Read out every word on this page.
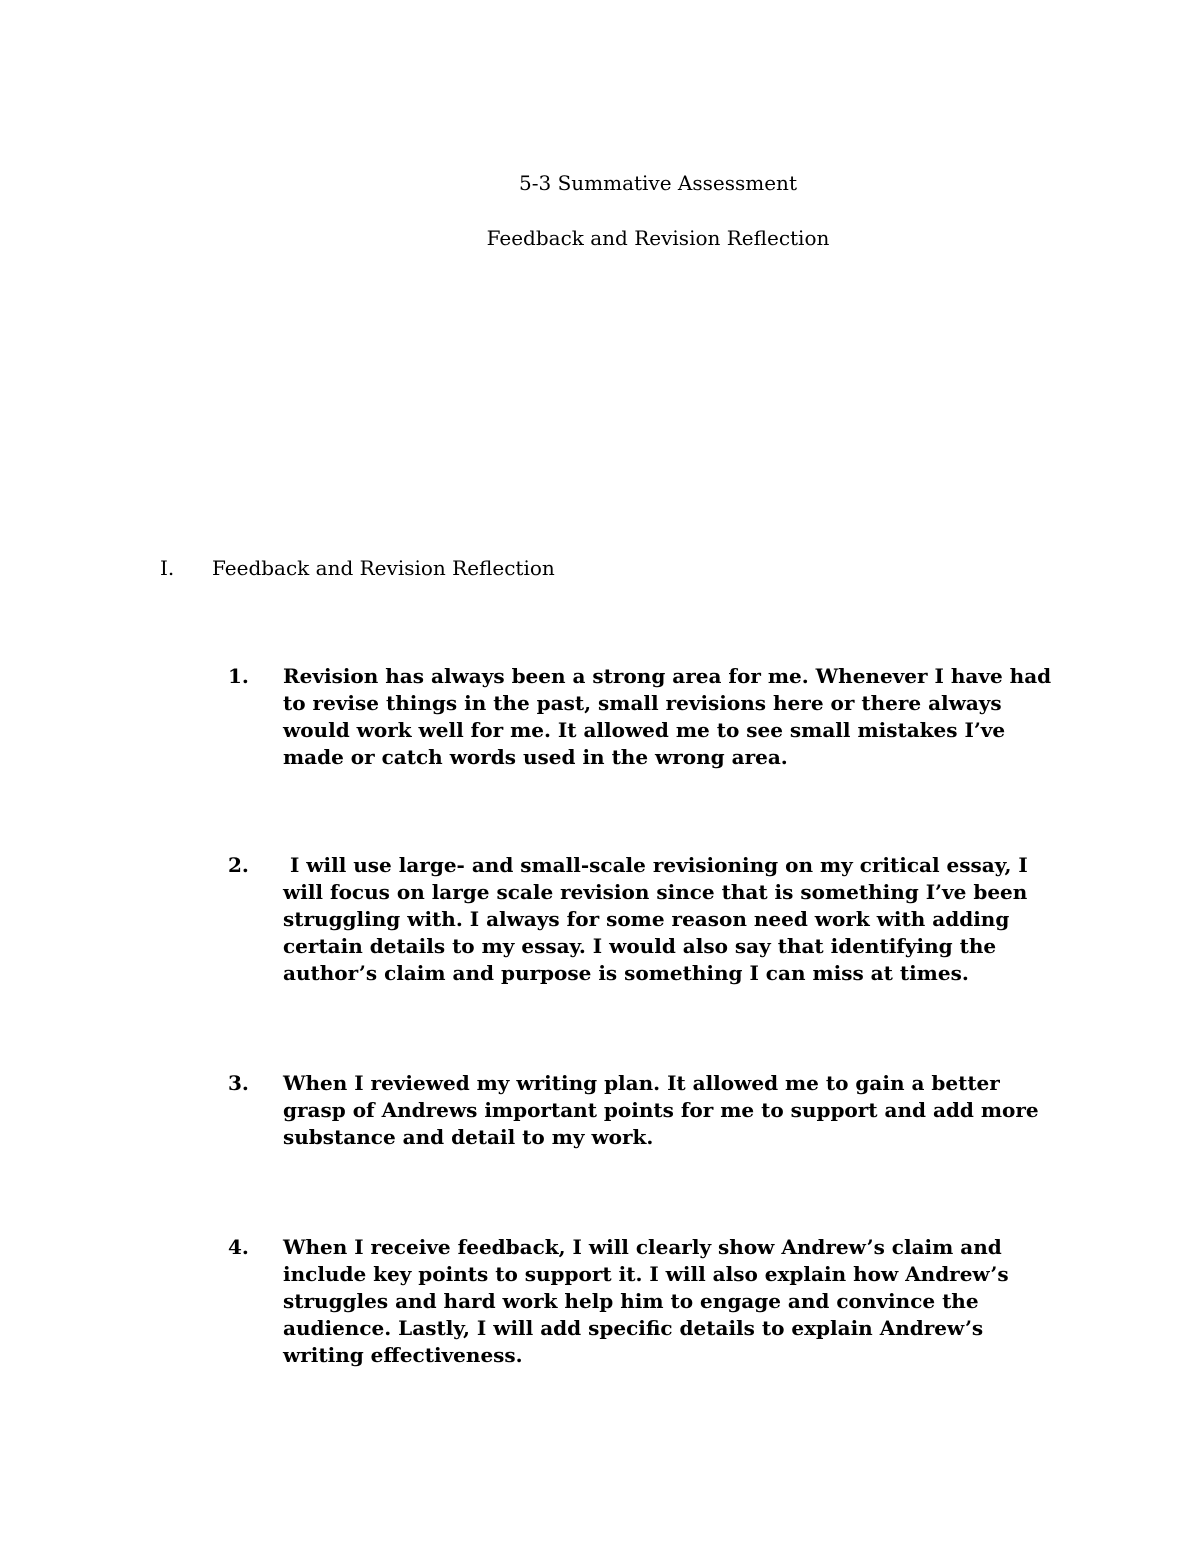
5-3 Summative Assessment
Feedback and Revision Reflection
I. Feedback and Revision Reflection
1. Revision has always been a strong area for me. Whenever I have had to revise things in the past, small revisions here or there always would work well for me. It allowed me to see small mistakes I’ve made or catch words used in the wrong area.
2. I will use large- and small-scale revisioning on my critical essay, I will focus on large scale revision since that is something I’ve been struggling with. I always for some reason need work with adding certain details to my essay. I would also say that identifying the author’s claim and purpose is something I can miss at times.
3. When I reviewed my writing plan. It allowed me to gain a better grasp of Andrews important points for me to support and add more substance and detail to my work.
4. When I receive feedback, I will clearly show Andrew’s claim and include key points to support it. I will also explain how Andrew’s struggles and hard work help him to engage and convince the audience. Lastly, I will add specific details to explain Andrew’s writing effectiveness.
